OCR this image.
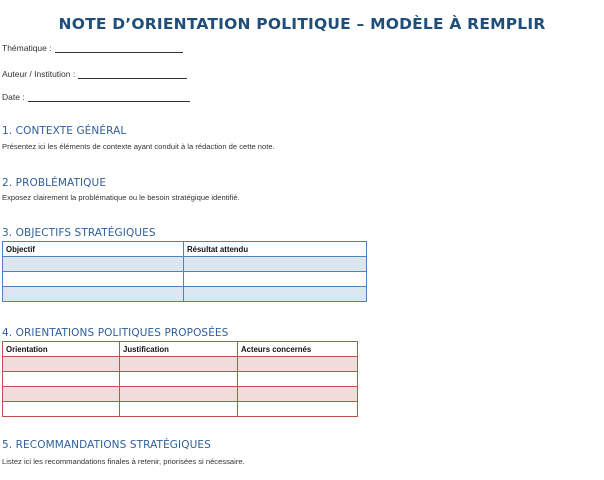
NOTE D’ORIENTATION POLITIQUE – MODÈLE À REMPLIR
Thématique :
Auteur / Institution :
Date :
1. CONTEXTE GÉNÉRAL
Présentez ici les éléments de contexte ayant conduit à la rédaction de cette note.
2. PROBLÉMATIQUE
Exposez clairement la problématique ou le besoin stratégique identifié.
3. OBJECTIFS STRATÉGIQUES
Objectif	Résultat attendu

4. ORIENTATIONS POLITIQUES PROPOSÉES
Orientation	Justification	Acteurs concernés

5. RECOMMANDATIONS STRATÉGIQUES
Listez ici les recommandations finales à retenir, priorisées si nécessaire.
